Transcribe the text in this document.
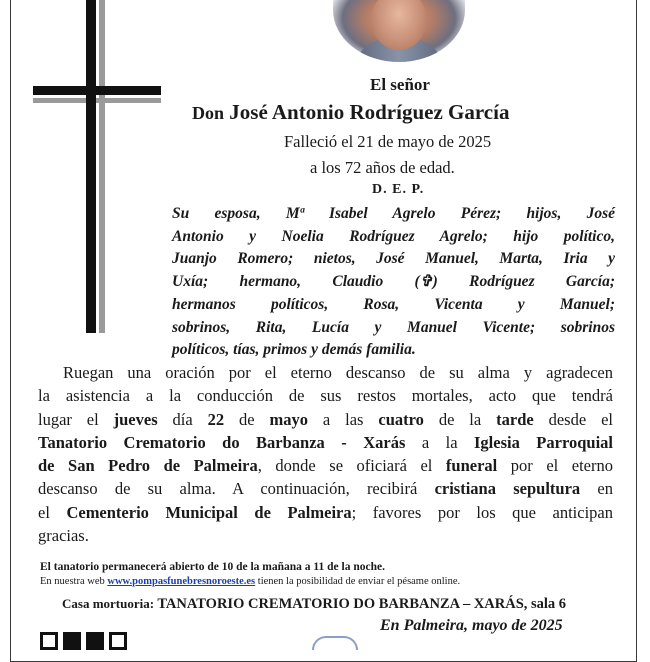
El señor
Don José Antonio Rodríguez García
Falleció el 21 de mayo de 2025
a los 72 años de edad.
D. E. P.
Su esposa, Mª Isabel Agrelo Pérez; hijos, José
Antonio y Noelia Rodríguez Agrelo; hijo político,
Juanjo Romero; nietos, José Manuel, Marta, Iria y
Uxía; hermano, Claudio (✞) Rodríguez García;
hermanos políticos, Rosa, Vicenta y Manuel;
sobrinos, Rita, Lucía y Manuel Vicente; sobrinos
políticos, tías, primos y demás familia.
Ruegan una oración por el eterno descanso de su alma y agradecen
la asistencia a la conducción de sus restos mortales, acto que tendrá
lugar el jueves día 22 de mayo a las cuatro de la tarde desde el
Tanatorio Crematorio do Barbanza - Xarás a la Iglesia Parroquial
de San Pedro de Palmeira, donde se oficiará el funeral por el eterno
descanso de su alma. A continuación, recibirá cristiana sepultura en
el Cementerio Municipal de Palmeira; favores por los que anticipan
gracias.
El tanatorio permanecerá abierto de 10 de la mañana a 11 de la noche.
En nuestra web www.pompasfunebresnoroeste.es tienen la posibilidad de enviar el pésame online.
Casa mortuoria: TANATORIO CREMATORIO DO BARBANZA – XARÁS, sala 6
En Palmeira, mayo de 2025
